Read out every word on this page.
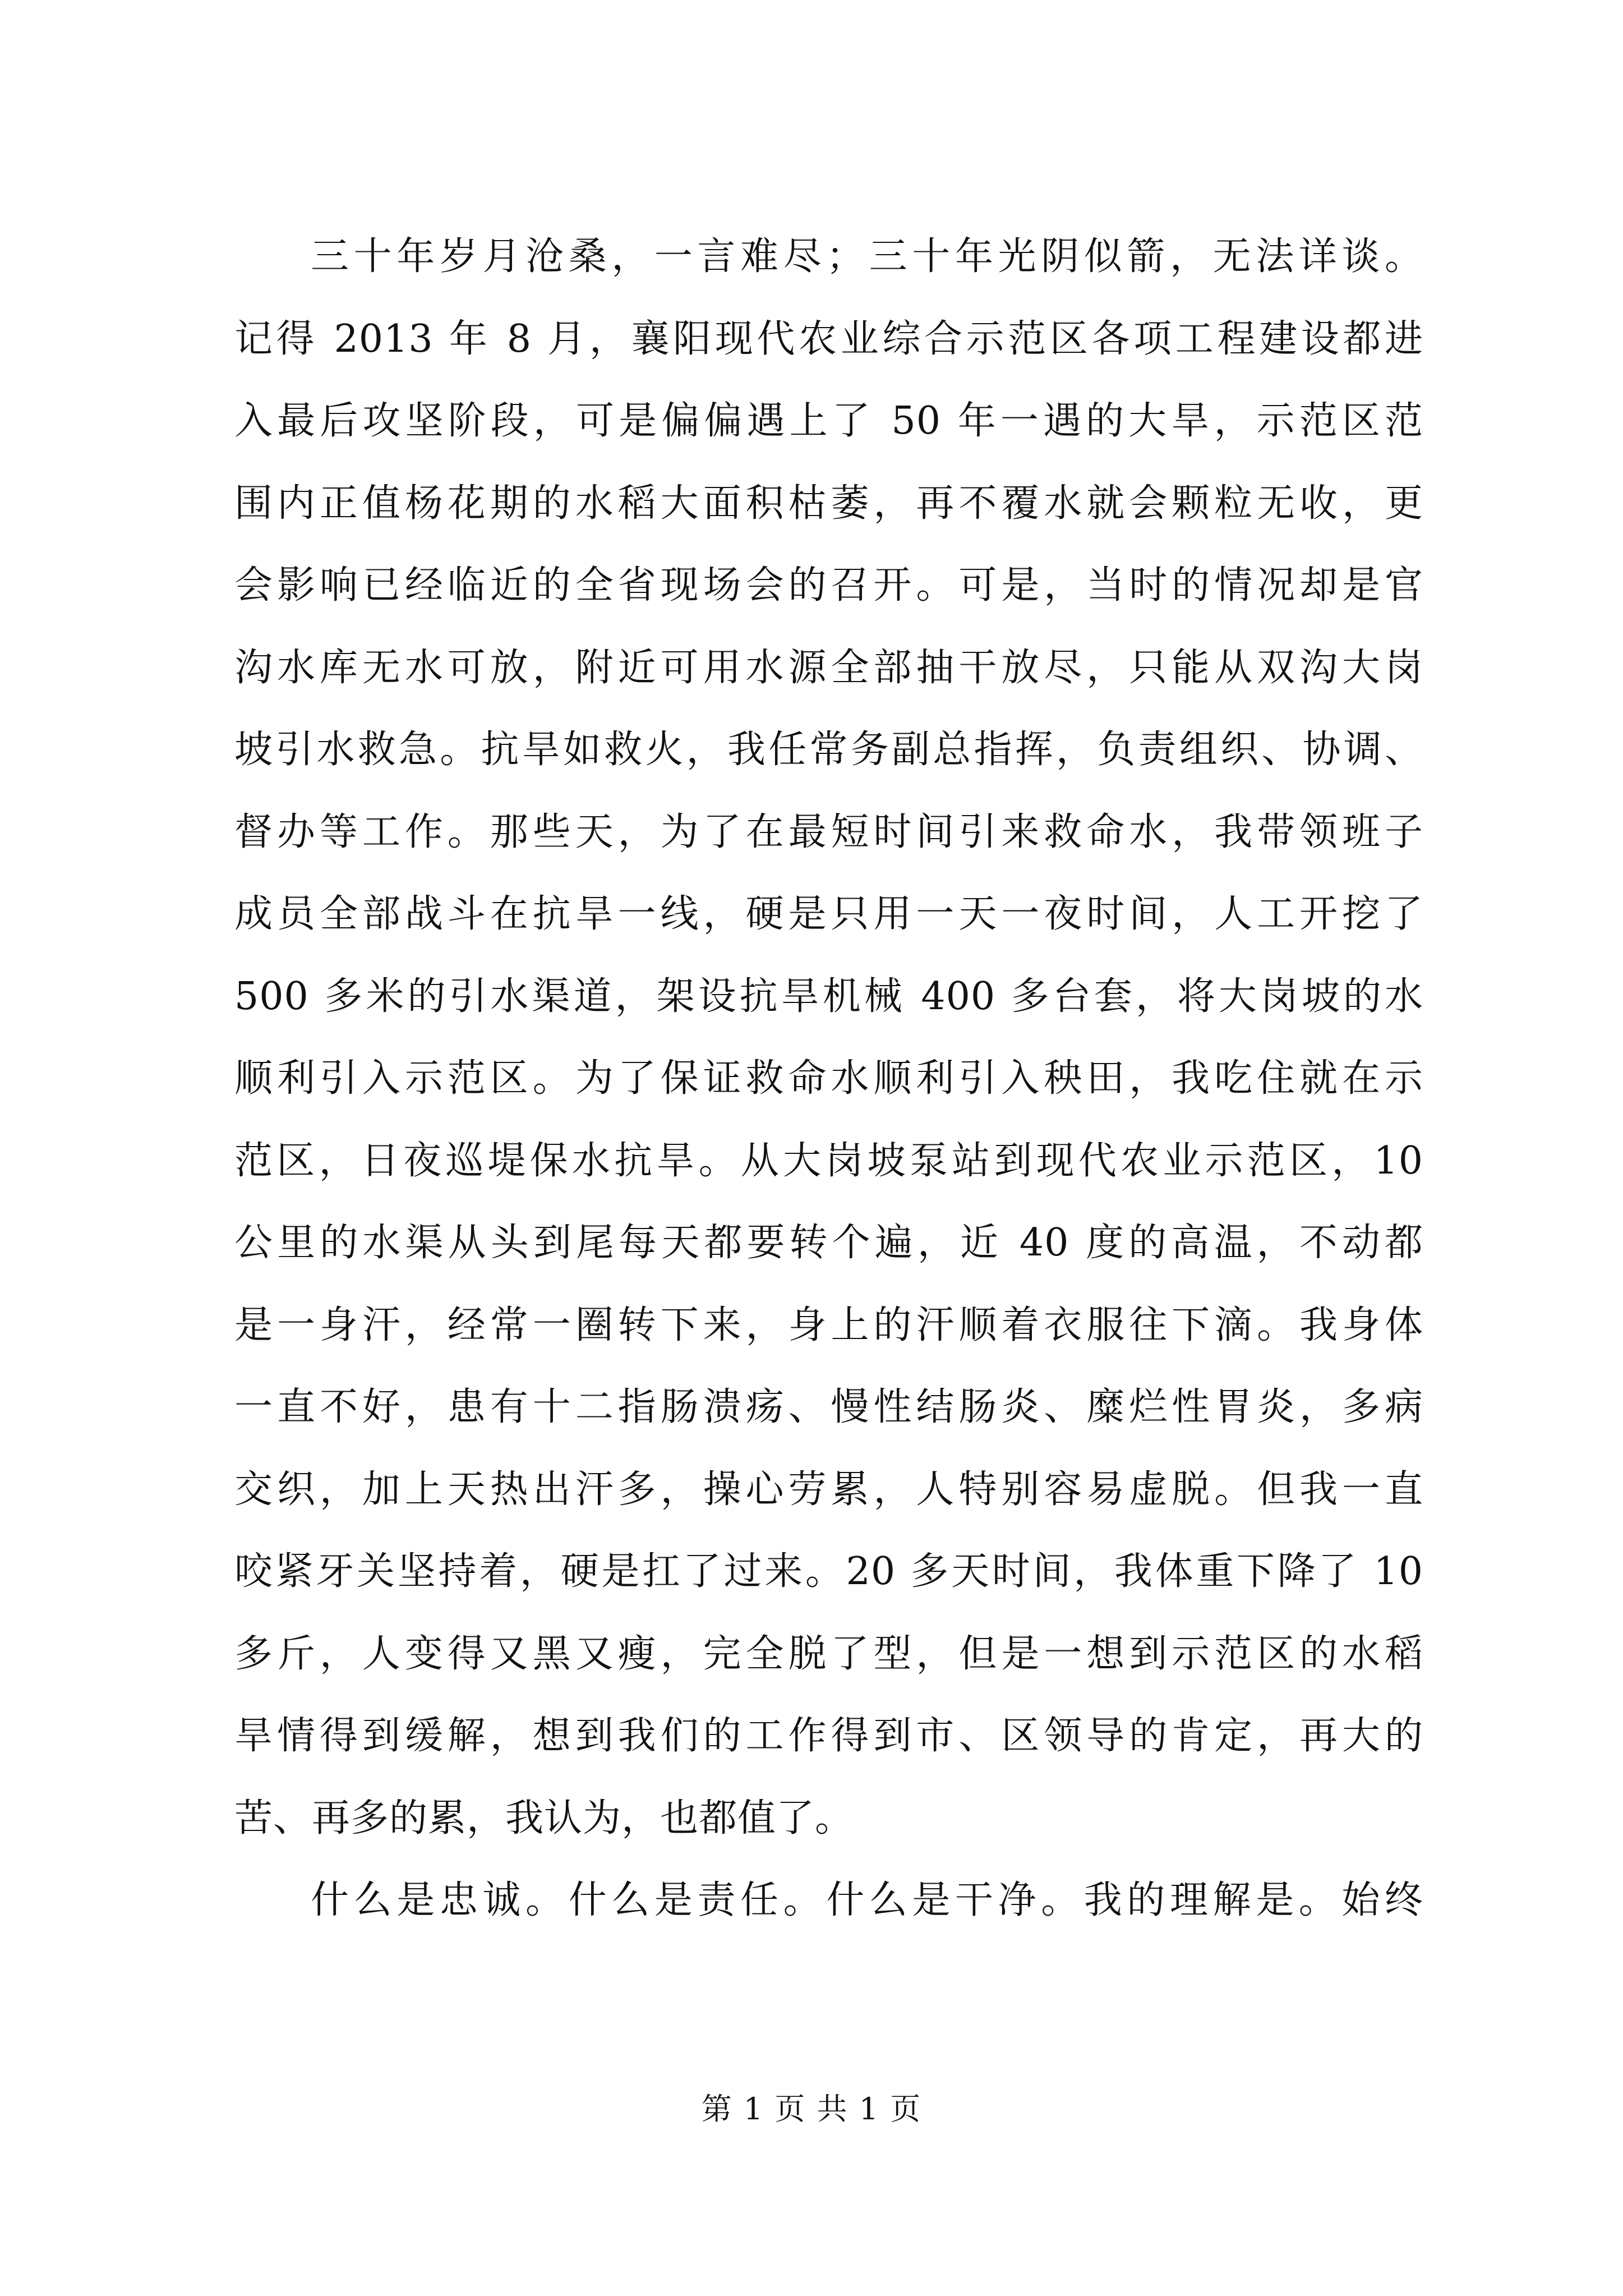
三十年岁月沧桑，一言难尽；三十年光阴似箭，无法详谈。
记得 2013 年 8 月，襄阳现代农业综合示范区各项工程建设都进
入最后攻坚阶段，可是偏偏遇上了 50 年一遇的大旱，示范区范
围内正值杨花期的水稻大面积枯萎，再不覆水就会颗粒无收，更
会影响已经临近的全省现场会的召开。可是，当时的情况却是官
沟水库无水可放，附近可用水源全部抽干放尽，只能从双沟大岗
坡引水救急。抗旱如救火，我任常务副总指挥，负责组织、协调、
督办等工作。那些天，为了在最短时间引来救命水，我带领班子
成员全部战斗在抗旱一线，硬是只用一天一夜时间，人工开挖了
500 多米的引水渠道，架设抗旱机械 400 多台套，将大岗坡的水
顺利引入示范区。为了保证救命水顺利引入秧田，我吃住就在示
范区，日夜巡堤保水抗旱。从大岗坡泵站到现代农业示范区，10
公里的水渠从头到尾每天都要转个遍，近 40 度的高温，不动都
是一身汗，经常一圈转下来，身上的汗顺着衣服往下滴。我身体
一直不好，患有十二指肠溃疡、慢性结肠炎、糜烂性胃炎，多病
交织，加上天热出汗多，操心劳累，人特别容易虚脱。但我一直
咬紧牙关坚持着，硬是扛了过来。20 多天时间，我体重下降了 10
多斤，人变得又黑又瘦，完全脱了型，但是一想到示范区的水稻
旱情得到缓解，想到我们的工作得到市、区领导的肯定，再大的
苦、再多的累，我认为，也都值了。
什么是忠诚。什么是责任。什么是干净。我的理解是。始终
第 1 页 共 1 页
